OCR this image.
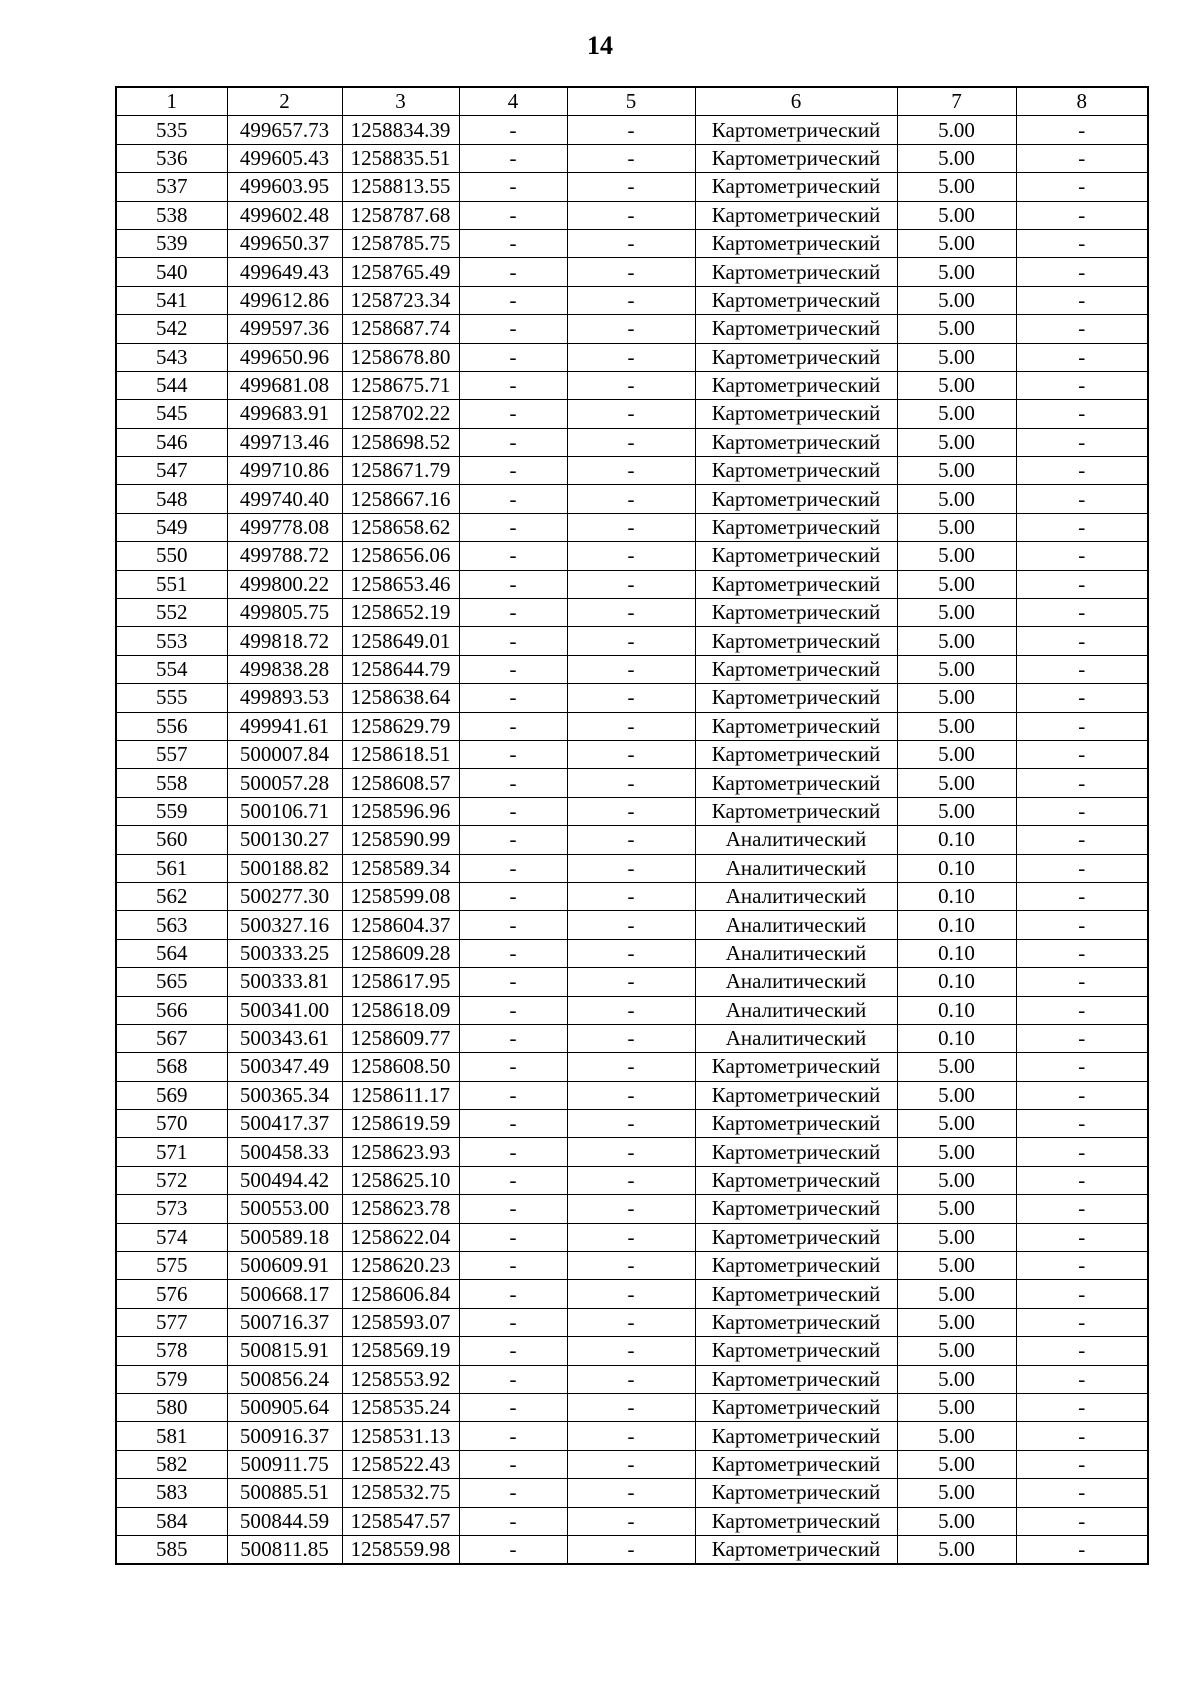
14
1	2	3	4	5	6	7	8
535	499657.73	1258834.39	-	-	Картометрический	5.00	-
536	499605.43	1258835.51	-	-	Картометрический	5.00	-
537	499603.95	1258813.55	-	-	Картометрический	5.00	-
538	499602.48	1258787.68	-	-	Картометрический	5.00	-
539	499650.37	1258785.75	-	-	Картометрический	5.00	-
540	499649.43	1258765.49	-	-	Картометрический	5.00	-
541	499612.86	1258723.34	-	-	Картометрический	5.00	-
542	499597.36	1258687.74	-	-	Картометрический	5.00	-
543	499650.96	1258678.80	-	-	Картометрический	5.00	-
544	499681.08	1258675.71	-	-	Картометрический	5.00	-
545	499683.91	1258702.22	-	-	Картометрический	5.00	-
546	499713.46	1258698.52	-	-	Картометрический	5.00	-
547	499710.86	1258671.79	-	-	Картометрический	5.00	-
548	499740.40	1258667.16	-	-	Картометрический	5.00	-
549	499778.08	1258658.62	-	-	Картометрический	5.00	-
550	499788.72	1258656.06	-	-	Картометрический	5.00	-
551	499800.22	1258653.46	-	-	Картометрический	5.00	-
552	499805.75	1258652.19	-	-	Картометрический	5.00	-
553	499818.72	1258649.01	-	-	Картометрический	5.00	-
554	499838.28	1258644.79	-	-	Картометрический	5.00	-
555	499893.53	1258638.64	-	-	Картометрический	5.00	-
556	499941.61	1258629.79	-	-	Картометрический	5.00	-
557	500007.84	1258618.51	-	-	Картометрический	5.00	-
558	500057.28	1258608.57	-	-	Картометрический	5.00	-
559	500106.71	1258596.96	-	-	Картометрический	5.00	-
560	500130.27	1258590.99	-	-	Аналитический	0.10	-
561	500188.82	1258589.34	-	-	Аналитический	0.10	-
562	500277.30	1258599.08	-	-	Аналитический	0.10	-
563	500327.16	1258604.37	-	-	Аналитический	0.10	-
564	500333.25	1258609.28	-	-	Аналитический	0.10	-
565	500333.81	1258617.95	-	-	Аналитический	0.10	-
566	500341.00	1258618.09	-	-	Аналитический	0.10	-
567	500343.61	1258609.77	-	-	Аналитический	0.10	-
568	500347.49	1258608.50	-	-	Картометрический	5.00	-
569	500365.34	1258611.17	-	-	Картометрический	5.00	-
570	500417.37	1258619.59	-	-	Картометрический	5.00	-
571	500458.33	1258623.93	-	-	Картометрический	5.00	-
572	500494.42	1258625.10	-	-	Картометрический	5.00	-
573	500553.00	1258623.78	-	-	Картометрический	5.00	-
574	500589.18	1258622.04	-	-	Картометрический	5.00	-
575	500609.91	1258620.23	-	-	Картометрический	5.00	-
576	500668.17	1258606.84	-	-	Картометрический	5.00	-
577	500716.37	1258593.07	-	-	Картометрический	5.00	-
578	500815.91	1258569.19	-	-	Картометрический	5.00	-
579	500856.24	1258553.92	-	-	Картометрический	5.00	-
580	500905.64	1258535.24	-	-	Картометрический	5.00	-
581	500916.37	1258531.13	-	-	Картометрический	5.00	-
582	500911.75	1258522.43	-	-	Картометрический	5.00	-
583	500885.51	1258532.75	-	-	Картометрический	5.00	-
584	500844.59	1258547.57	-	-	Картометрический	5.00	-
585	500811.85	1258559.98	-	-	Картометрический	5.00	-
